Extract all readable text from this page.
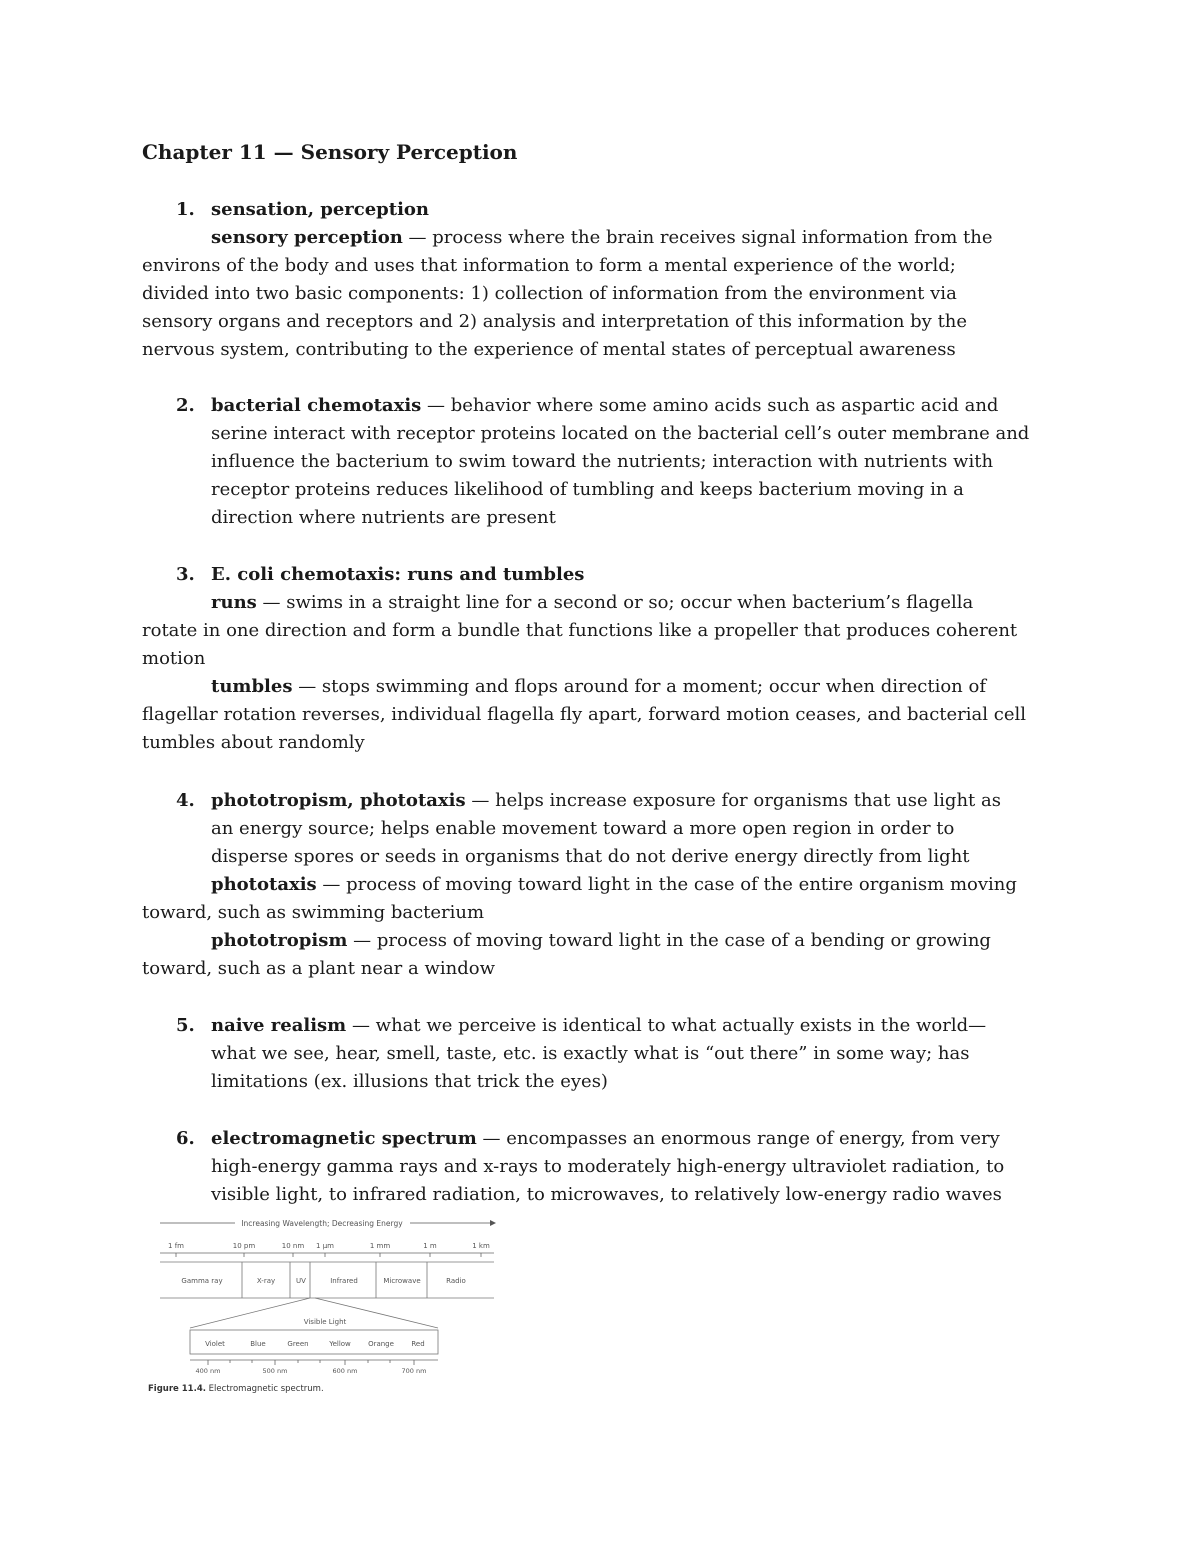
Chapter 11 — Sensory Perception
1. sensation, perception
sensory perception — process where the brain receives signal information from the
environs of the body and uses that information to form a mental experience of the world;
divided into two basic components: 1) collection of information from the environment via
sensory organs and receptors and 2) analysis and interpretation of this information by the
nervous system, contributing to the experience of mental states of perceptual awareness
2. bacterial chemotaxis — behavior where some amino acids such as aspartic acid and
serine interact with receptor proteins located on the bacterial cell’s outer membrane and
influence the bacterium to swim toward the nutrients; interaction with nutrients with
receptor proteins reduces likelihood of tumbling and keeps bacterium moving in a
direction where nutrients are present
3. E. coli chemotaxis: runs and tumbles
runs — swims in a straight line for a second or so; occur when bacterium’s flagella
rotate in one direction and form a bundle that functions like a propeller that produces coherent
motion
tumbles — stops swimming and flops around for a moment; occur when direction of
flagellar rotation reverses, individual flagella fly apart, forward motion ceases, and bacterial cell
tumbles about randomly
4. phototropism, phototaxis — helps increase exposure for organisms that use light as
an energy source; helps enable movement toward a more open region in order to
disperse spores or seeds in organisms that do not derive energy directly from light
phototaxis — process of moving toward light in the case of the entire organism moving
toward, such as swimming bacterium
phototropism — process of moving toward light in the case of a bending or growing
toward, such as a plant near a window
5. naive realism — what we perceive is identical to what actually exists in the world—
what we see, hear, smell, taste, etc. is exactly what is “out there” in some way; has
limitations (ex. illusions that trick the eyes)
6. electromagnetic spectrum — encompasses an enormous range of energy, from very
high-energy gamma rays and x-rays to moderately high-energy ultraviolet radiation, to
visible light, to infrared radiation, to microwaves, to relatively low-energy radio waves
Increasing Wavelength; Decreasing Energy
1 fm	10 pm	10 nm 1 µm	1 mm	1 m	1 km
Gamma ray	X-ray	UV	Infrared	Microwave	Radio
Visible Light
Violet	Blue	Green	Yellow Orange Red
400 nm	500 nm	600 nm	700 nm
Figure 11.4. Electromagnetic spectrum.
